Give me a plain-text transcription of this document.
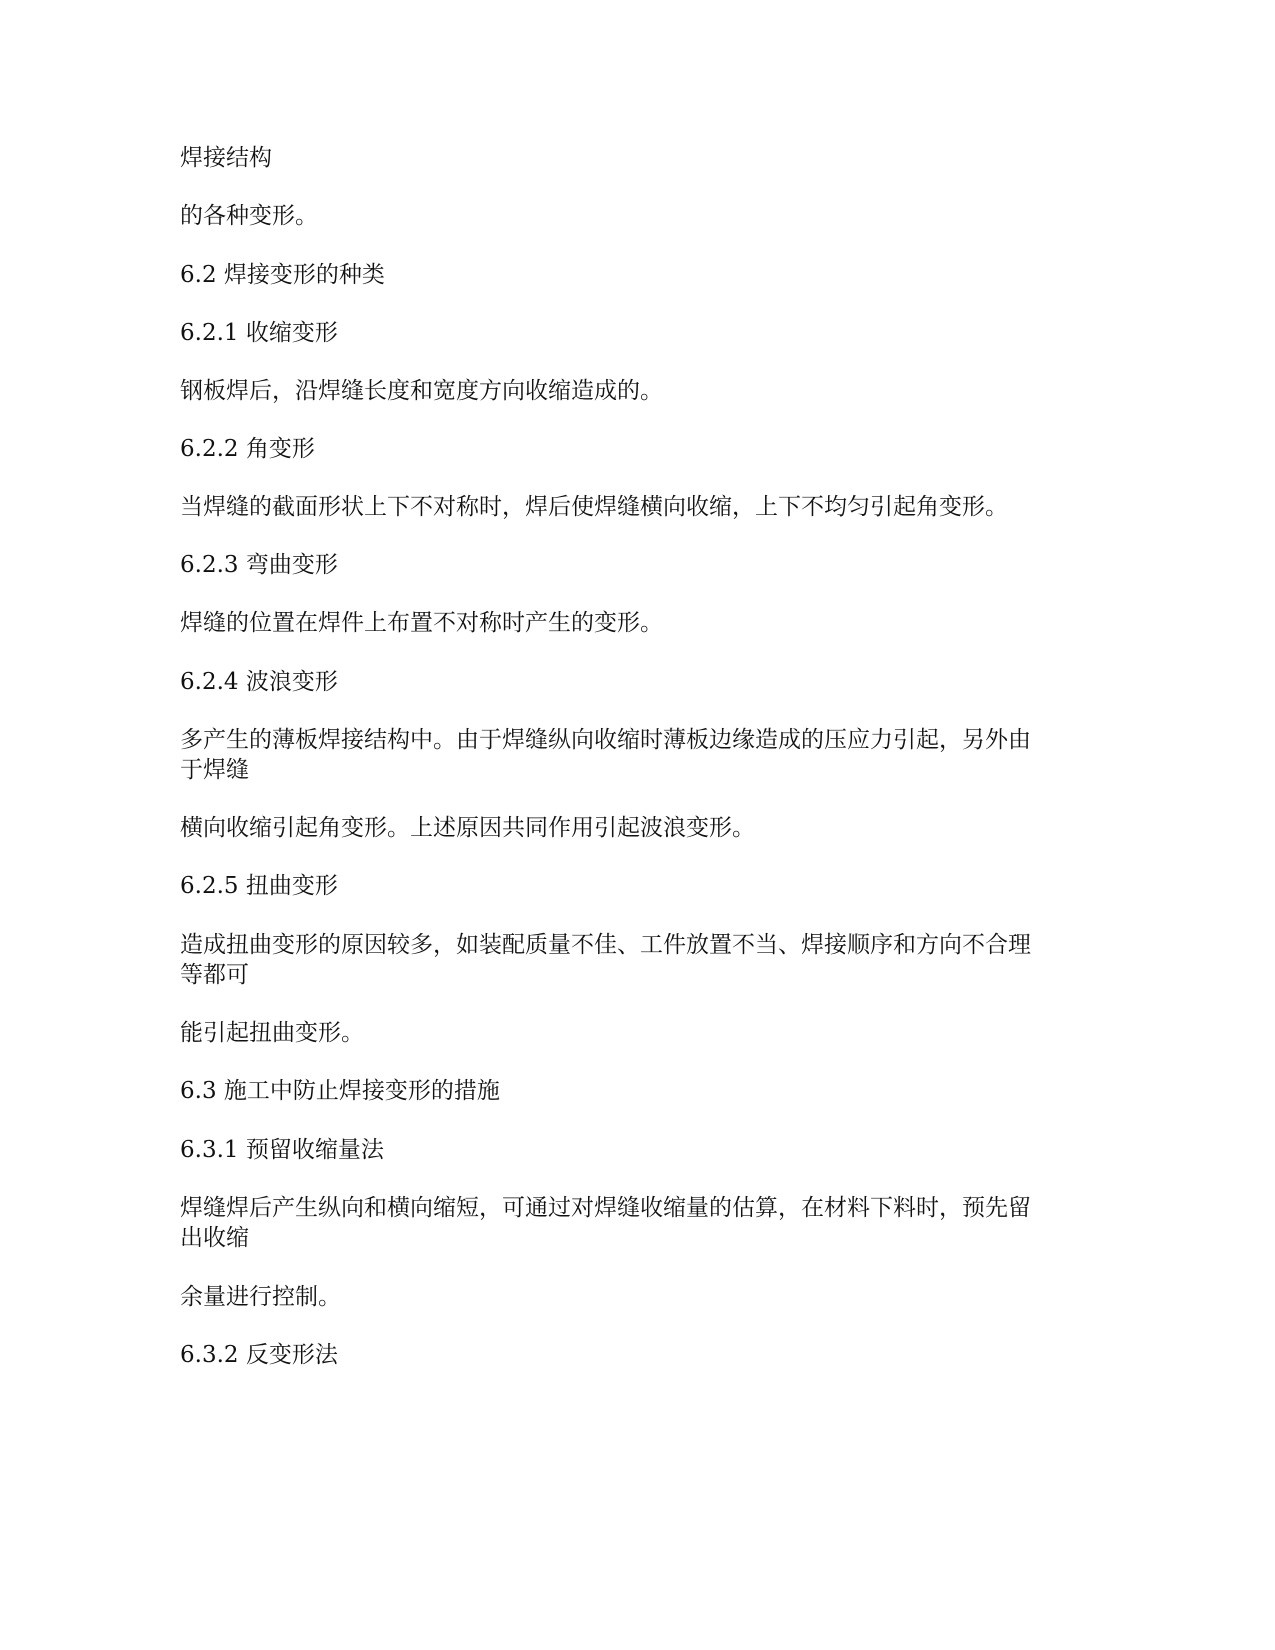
焊接结构
的各种变形。
6.2 焊接变形的种类
6.2.1 收缩变形
钢板焊后，沿焊缝长度和宽度方向收缩造成的。
6.2.2 角变形
当焊缝的截面形状上下不对称时，焊后使焊缝横向收缩，上下不均匀引起角变形。
6.2.3 弯曲变形
焊缝的位置在焊件上布置不对称时产生的变形。
6.2.4 波浪变形
多产生的薄板焊接结构中。由于焊缝纵向收缩时薄板边缘造成的压应力引起，另外由于焊缝
横向收缩引起角变形。上述原因共同作用引起波浪变形。
6.2.5 扭曲变形
造成扭曲变形的原因较多，如装配质量不佳、工件放置不当、焊接顺序和方向不合理等都可
能引起扭曲变形。
6.3 施工中防止焊接变形的措施
6.3.1 预留收缩量法
焊缝焊后产生纵向和横向缩短，可通过对焊缝收缩量的估算，在材料下料时，预先留出收缩
余量进行控制。
6.3.2 反变形法
